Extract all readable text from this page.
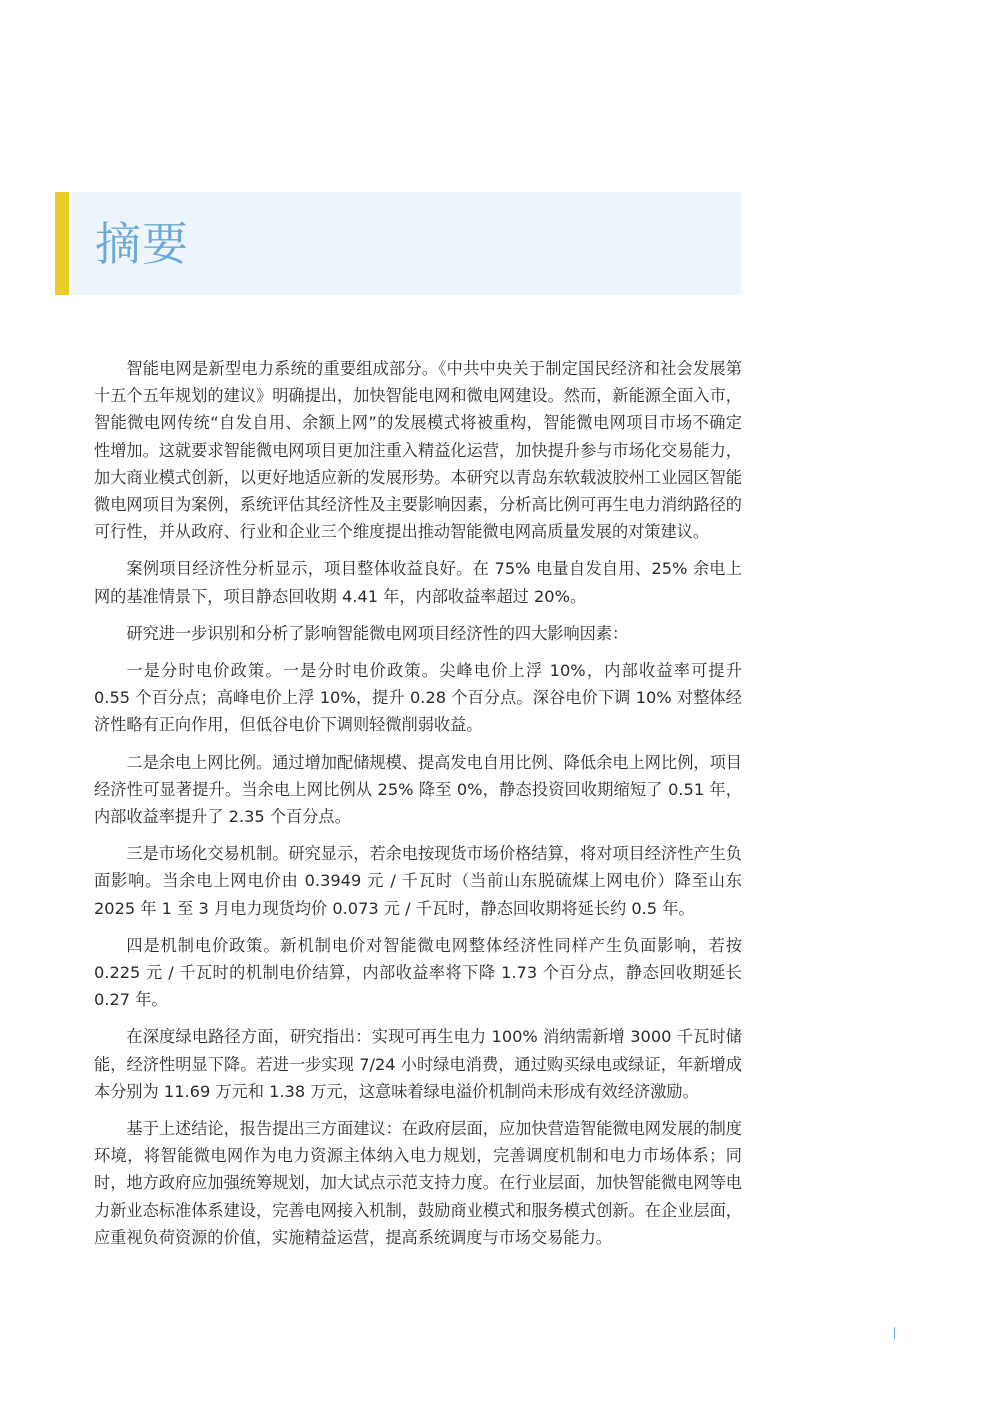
摘要

智能电网是新型电力系统的重要组成部分。《中共中央关于制定国民经济和社会发展第十五个五年规划的建议》明确提出，加快智能电网和微电网建设。然而，新能源全面入市，智能微电网传统“自发自用、余额上网”的发展模式将被重构，智能微电网项目市场不确定性增加。这就要求智能微电网项目更加注重入精益化运营，加快提升参与市场化交易能力，加大商业模式创新，以更好地适应新的发展形势。本研究以青岛东软载波胶州工业园区智能微电网项目为案例，系统评估其经济性及主要影响因素，分析高比例可再生电力消纳路径的可行性，并从政府、行业和企业三个维度提出推动智能微电网高质量发展的对策建议。

案例项目经济性分析显示，项目整体收益良好。在 75% 电量自发自用、25% 余电上网的基准情景下，项目静态回收期 4.41 年，内部收益率超过 20%。

研究进一步识别和分析了影响智能微电网项目经济性的四大影响因素：

一是分时电价政策。一是分时电价政策。尖峰电价上浮 10%，内部收益率可提升 0.55 个百分点；高峰电价上浮 10%，提升 0.28 个百分点。深谷电价下调 10% 对整体经济性略有正向作用，但低谷电价下调则轻微削弱收益。

二是余电上网比例。通过增加配储规模、提高发电自用比例、降低余电上网比例，项目经济性可显著提升。当余电上网比例从 25% 降至 0%，静态投资回收期缩短了 0.51 年，内部收益率提升了 2.35 个百分点。

三是市场化交易机制。研究显示，若余电按现货市场价格结算，将对项目经济性产生负面影响。当余电上网电价由 0.3949 元 / 千瓦时（当前山东脱硫煤上网电价）降至山东 2025 年 1 至 3 月电力现货均价 0.073 元 / 千瓦时，静态回收期将延长约 0.5 年。

四是机制电价政策。新机制电价对智能微电网整体经济性同样产生负面影响，若按 0.225 元 / 千瓦时的机制电价结算，内部收益率将下降 1.73 个百分点，静态回收期延长 0.27 年。

在深度绿电路径方面，研究指出：实现可再生电力 100% 消纳需新增 3000 千瓦时储能，经济性明显下降。若进一步实现 7/24 小时绿电消费，通过购买绿电或绿证，年新增成本分别为 11.69 万元和 1.38 万元，这意味着绿电溢价机制尚未形成有效经济激励。

基于上述结论，报告提出三方面建议：在政府层面，应加快营造智能微电网发展的制度环境，将智能微电网作为电力资源主体纳入电力规划，完善调度机制和电力市场体系；同时，地方政府应加强统筹规划，加大试点示范支持力度。在行业层面，加快智能微电网等电力新业态标准体系建设，完善电网接入机制，鼓励商业模式和服务模式创新。在企业层面，应重视负荷资源的价值，实施精益运营，提高系统调度与市场交易能力。
